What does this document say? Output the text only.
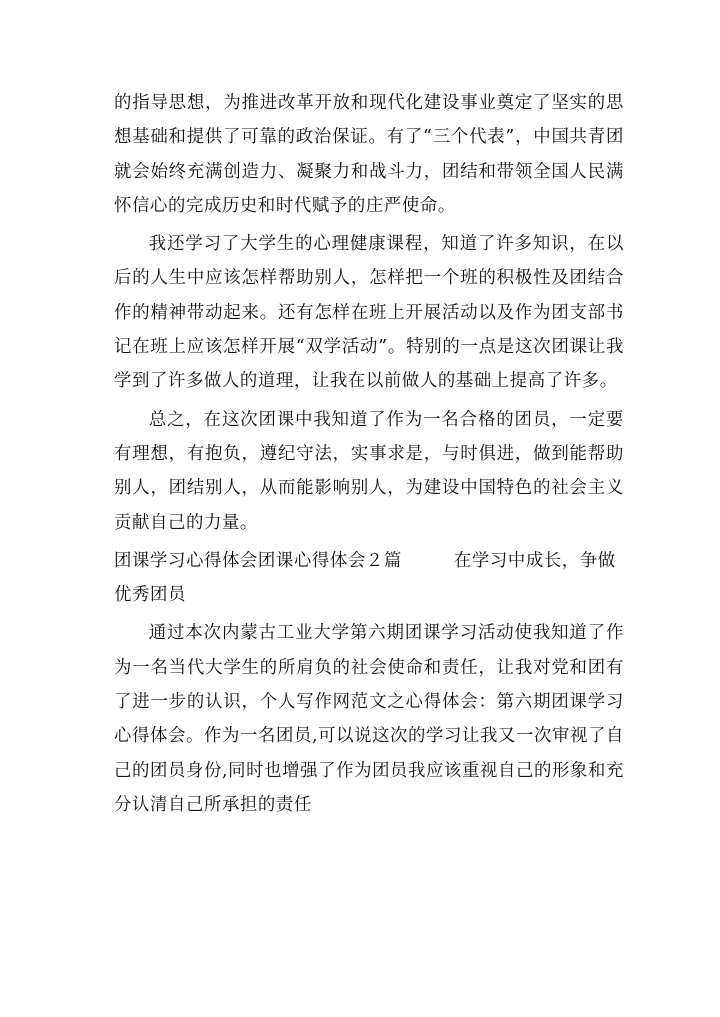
的指导思想，为推进改革开放和现代化建设事业奠定了坚实的思想基础和提供了可靠的政治保证。有了“三个代表”，中国共青团就会始终充满创造力、凝聚力和战斗力，团结和带领全国人民满怀信心的完成历史和时代赋予的庄严使命。

我还学习了大学生的心理健康课程，知道了许多知识，在以后的人生中应该怎样帮助别人，怎样把一个班的积极性及团结合作的精神带动起来。还有怎样在班上开展活动以及作为团支部书记在班上应该怎样开展“双学活动”。特别的一点是这次团课让我学到了许多做人的道理，让我在以前做人的基础上提高了许多。

总之，在这次团课中我知道了作为一名合格的团员，一定要有理想，有抱负，遵纪守法，实事求是，与时俱进，做到能帮助别人，团结别人，从而能影响别人，为建设中国特色的社会主义贡献自己的力量。

团课学习心得体会团课心得体会２篇	在学习中成长，争做优秀团员

通过本次内蒙古工业大学第六期团课学习活动使我知道了作为一名当代大学生的所肩负的社会使命和责任，让我对党和团有了进一步的认识，个人写作网范文之心得体会：第六期团课学习心得体会。作为一名团员,可以说这次的学习让我又一次审视了自己的团员身份,同时也增强了作为团员我应该重视自己的形象和充分认清自己所承担的责任
